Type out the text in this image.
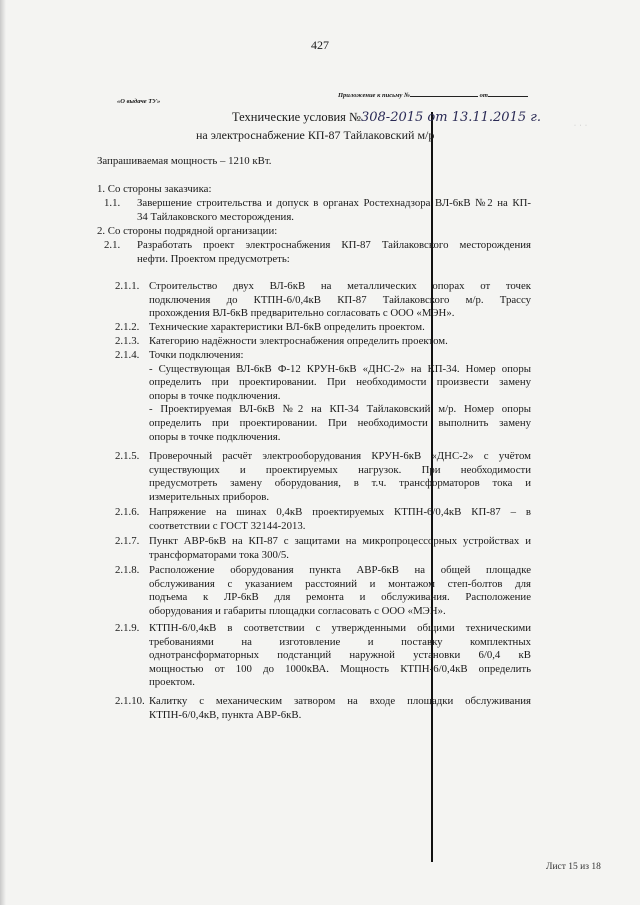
· · ·
427
«О выдаче ТУ»
Приложение к письму №	от
Технические условия №308-2015 от 13.11.2015 г.
на электроснабжение КП-87 Тайлаковский м/р
Запрашиваемая мощность – 1210 кВт.
1. Со стороны заказчика:
1.1.	Завершение строительства и допуск в органах Ростехнадзора ВЛ-6кВ №2 на КП-
34 Тайлаковского месторождения.
2. Со стороны подрядной организации:
2.1.	Разработать проект электроснабжения КП-87 Тайлаковского месторождения
нефти. Проектом предусмотреть:
2.1.1. Строительство двух ВЛ-6кВ на металлических опорах от точек
подключения до КТПН-6/0,4кВ КП-87 Тайлаковского м/р. Трассу
прохождения ВЛ-6кВ предварительно согласовать с ООО «МЭН».
2.1.2. Технические характеристики ВЛ-6кВ определить проектом.
2.1.3. Категорию надёжности электроснабжения определить проектом.
2.1.4. Точки подключения:
- Существующая ВЛ-6кВ Ф-12 КРУН-6кВ «ДНС-2» на КП-34. Номер опоры
определить при проектировании. При необходимости произвести замену
опоры в точке подключения.
- Проектируемая ВЛ-6кВ №2 на КП-34 Тайлаковский м/р. Номер опоры
определить при проектировании. При необходимости выполнить замену
опоры в точке подключения.
2.1.5. Проверочный расчёт электрооборудования КРУН-6кВ «ДНС-2» с учётом
существующих и проектируемых нагрузок. При необходимости
предусмотреть замену оборудования, в т.ч. трансформаторов тока и
измерительных приборов.
2.1.6. Напряжение на шинах 0,4кВ проектируемых КТПН-6/0,4кВ КП-87 – в
соответствии с ГОСТ 32144-2013.
2.1.7. Пункт АВР-6кВ на КП-87 с защитами на микропроцессорных устройствах и
трансформаторами тока 300/5.
2.1.8. Расположение оборудования пункта АВР-6кВ на общей площадке
обслуживания с указанием расстояний и монтажом степ-болтов для
подъема к ЛР-6кВ для ремонта и обслуживания. Расположение
оборудования и габариты площадки согласовать с ООО «МЭН».
2.1.9. КТПН-6/0,4кВ в соответствии с утвержденными общими техническими
требованиями на изготовление и поставку комплектных
однотрансформаторных подстанций наружной установки 6/0,4 кВ
мощностью от 100 до 1000кВА. Мощность КТПН-6/0,4кВ определить
проектом.
2.1.10. Калитку с механическим затвором на входе площадки обслуживания
КТПН-6/0,4кВ, пункта АВР-6кВ.
Лист 15 из 18
